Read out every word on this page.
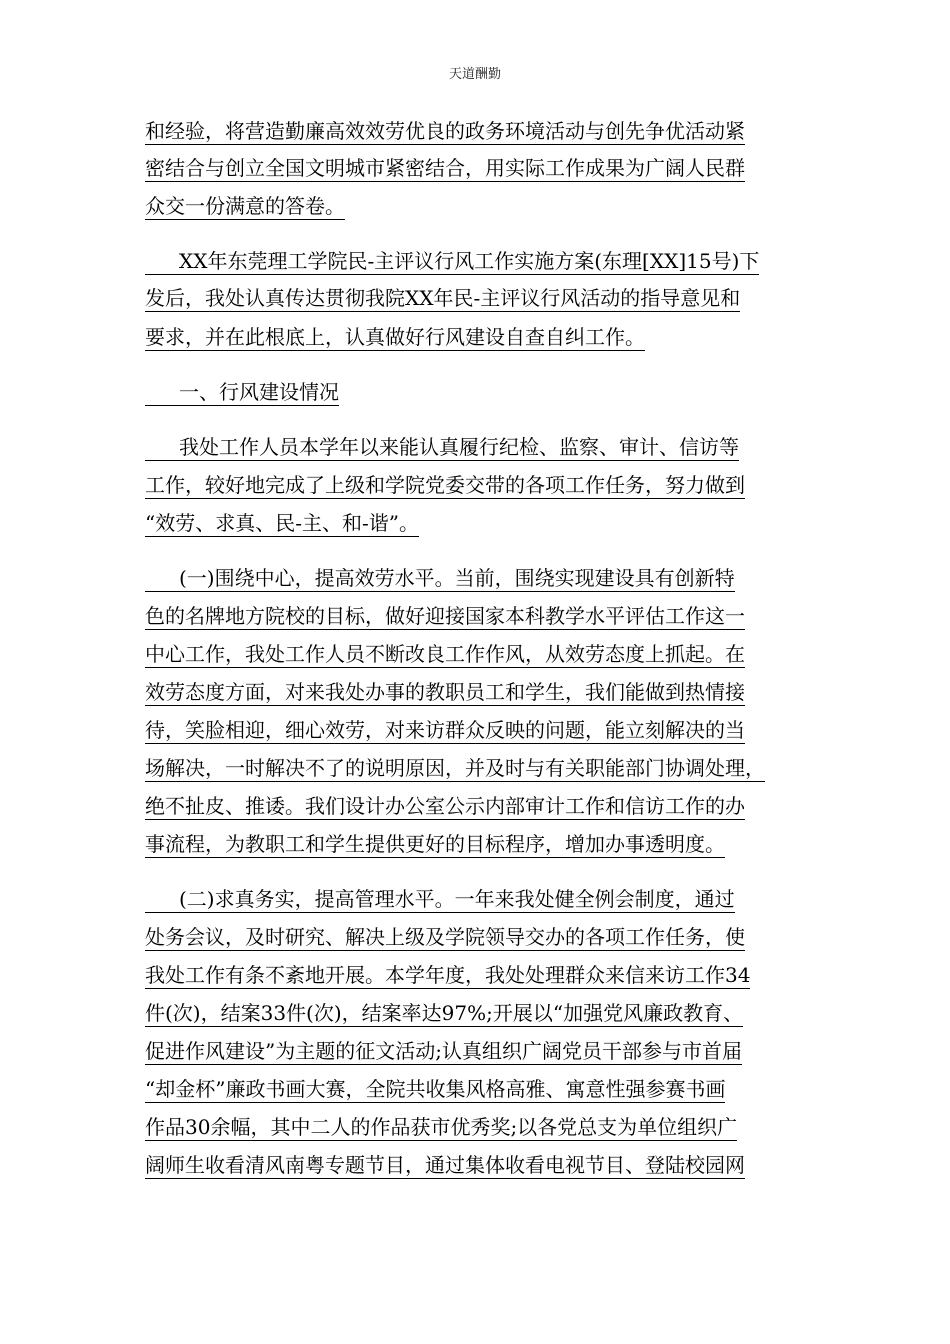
天道酬勤
和经验，将营造勤廉高效效劳优良的政务环境活动与创先争优活动紧
密结合与创立全国文明城市紧密结合，用实际工作成果为广阔人民群
众交一份满意的答卷。
XX年东莞理工学院民-主评议行风工作实施方案(东理[XX]15号)下
发后，我处认真传达贯彻我院XX年民-主评议行风活动的指导意见和
要求，并在此根底上，认真做好行风建设自查自纠工作。
一、行风建设情况
我处工作人员本学年以来能认真履行纪检、监察、审计、信访等
工作，较好地完成了上级和学院党委交带的各项工作任务，努力做到
“效劳、求真、民-主、和-谐”。
(一)围绕中心，提高效劳水平。当前，围绕实现建设具有创新特
色的名牌地方院校的目标，做好迎接国家本科教学水平评估工作这一
中心工作，我处工作人员不断改良工作作风，从效劳态度上抓起。在
效劳态度方面，对来我处办事的教职员工和学生，我们能做到热情接
待，笑脸相迎，细心效劳，对来访群众反映的问题，能立刻解决的当
场解决，一时解决不了的说明原因，并及时与有关职能部门协调处理，
绝不扯皮、推诿。我们设计办公室公示内部审计工作和信访工作的办
事流程，为教职工和学生提供更好的目标程序，增加办事透明度。
(二)求真务实，提高管理水平。一年来我处健全例会制度，通过
处务会议，及时研究、解决上级及学院领导交办的各项工作任务，使
我处工作有条不紊地开展。本学年度，我处处理群众来信来访工作34
件(次)，结案33件(次)，结案率达97%;开展以“加强党风廉政教育、
促进作风建设”为主题的征文活动;认真组织广阔党员干部参与市首届
“却金杯”廉政书画大赛，全院共收集风格高雅、寓意性强参赛书画
作品30余幅，其中二人的作品获市优秀奖;以各党总支为单位组织广
阔师生收看清风南粤专题节目，通过集体收看电视节目、登陆校园网
